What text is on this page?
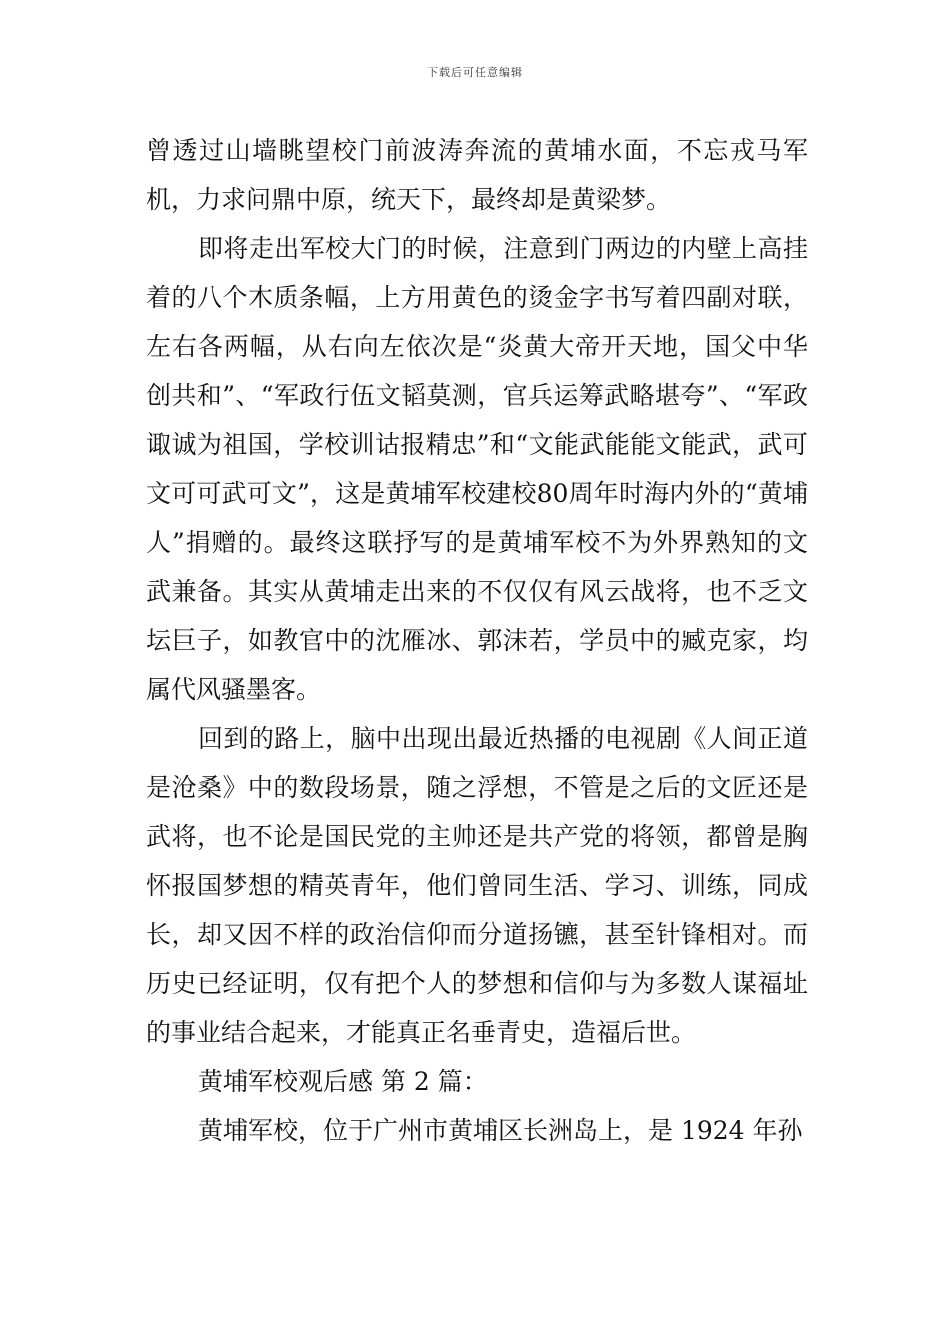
下载后可任意编辑

曾透过山墙眺望校门前波涛奔流的黄埔水面，不忘戎马军机，力求问鼎中原，统天下，最终却是黄梁梦。

即将走出军校大门的时候，注意到门两边的内壁上高挂着的八个木质条幅，上方用黄色的烫金字书写着四副对联，左右各两幅，从右向左依次是“炎黄大帝开天地，国父中华创共和”、“军政行伍文韬莫测，官兵运筹武略堪夸”、“军政诹诚为祖国，学校训诂报精忠”和“文能武能能文能武，武可文可可武可文”，这是黄埔军校建校80周年时海内外的“黄埔人”捐赠的。最终这联抒写的是黄埔军校不为外界熟知的文武兼备。其实从黄埔走出来的不仅仅有风云战将，也不乏文坛巨子，如教官中的沈雁冰、郭沫若，学员中的臧克家，均属代风骚墨客。

回到的路上，脑中出现出最近热播的电视剧《人间正道是沧桑》中的数段场景，随之浮想，不管是之后的文匠还是武将，也不论是国民党的主帅还是共产党的将领，都曾是胸怀报国梦想的精英青年，他们曾同生活、学习、训练，同成长，却又因不样的政治信仰而分道扬镳，甚至针锋相对。而历史已经证明，仅有把个人的梦想和信仰与为多数人谋福址的事业结合起来，才能真正名垂青史，造福后世。

黄埔军校观后感 第 2 篇：

黄埔军校，位于广州市黄埔区长洲岛上，是 1924 年孙
